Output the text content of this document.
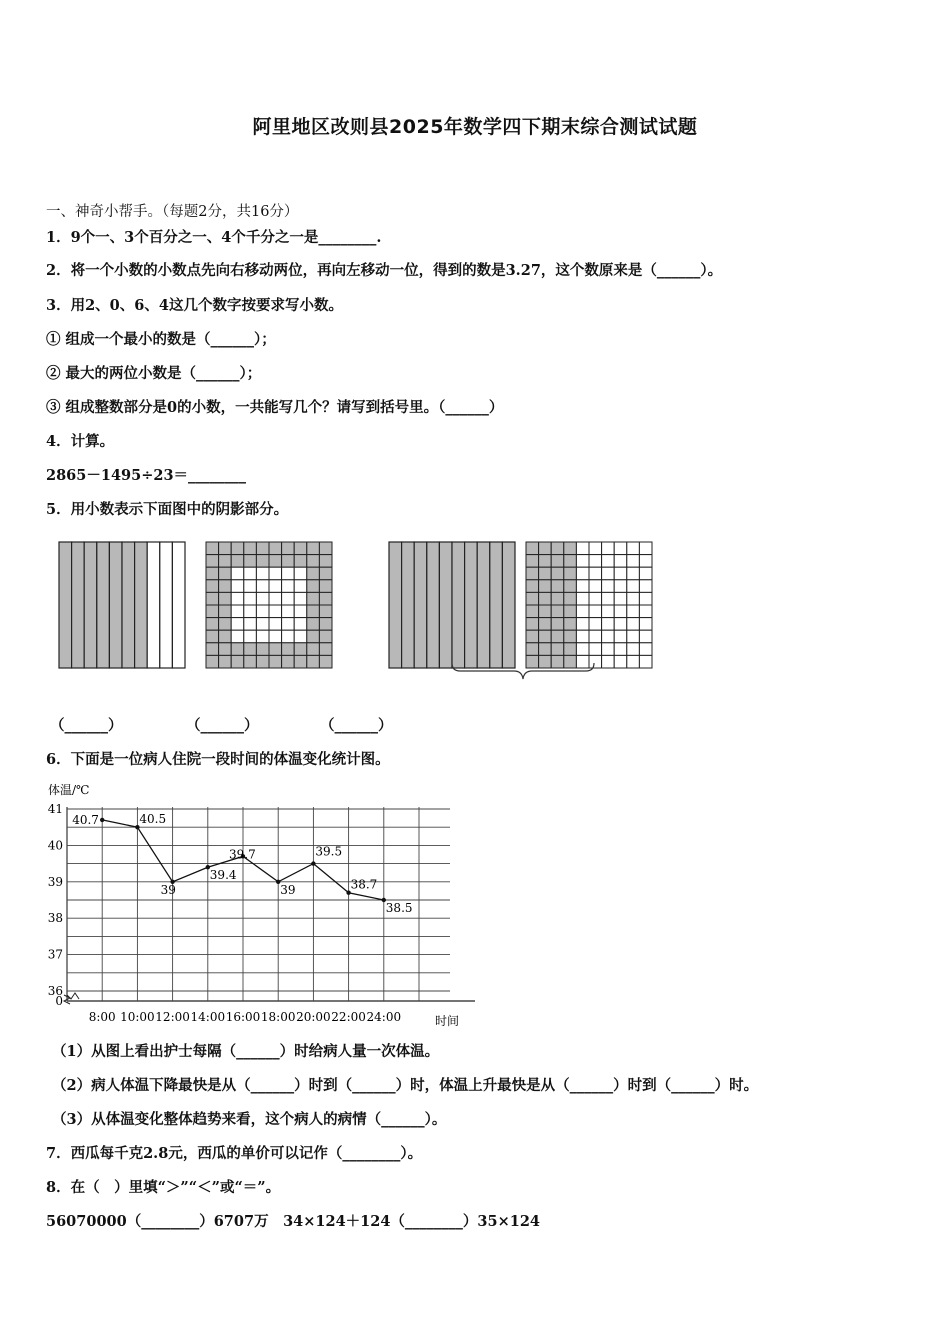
阿里地区改则县2025年数学四下期末综合测试试题
一、神奇小帮手。（每题2分，共16分）
1．9个一、3个百分之一、4个千分之一是________.
2．将一个小数的小数点先向右移动两位，再向左移动一位，得到的数是3.27，这个数原来是（______）。
3．用2、0、6、4这几个数字按要求写小数。
① 组成一个最小的数是（______）；
② 最大的两位小数是（______）；
③ 组成整数部分是0的小数，一共能写几个？请写到括号里。（______）
4．计算。
2865－1495÷23＝________
5．用小数表示下面图中的阴影部分。
（______）	（______）	（______）
6．下面是一位病人住院一段时间的体温变化统计图。
体温/℃
时间
0
36
37
38
39
40
41
8:00 10:00 12:00 14:00 16:00 18:00 20:00 22:00 24:00
40.7	40.5
39
39.4
39.7
39
39.5
38.7
38.5
（1）从图上看出护士每隔（______）时给病人量一次体温。
（2）病人体温下降最快是从（______）时到（______）时，体温上升最快是从（______）时到（______）时。
（3）从体温变化整体趋势来看，这个病人的病情（______）。
7．西瓜每千克2.8元，西瓜的单价可以记作（________）。
8．在（　）里填“＞”“＜”或“＝”。
56070000（________）6707万　34×124＋124（________）35×124
